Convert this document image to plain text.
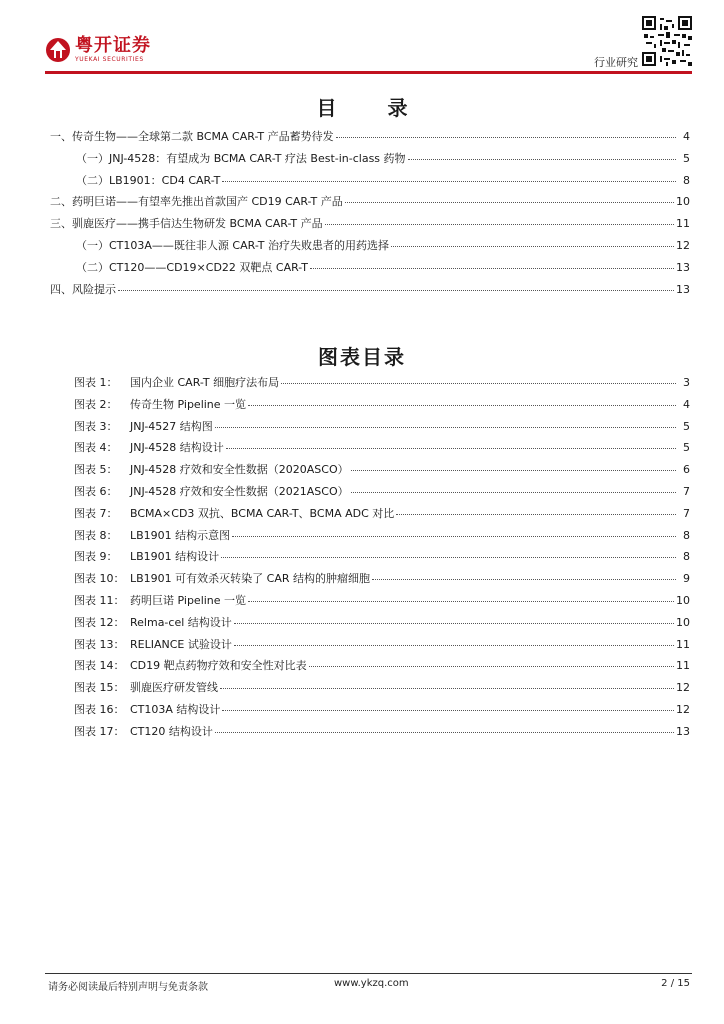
粤开证券
YUEKAI SECURITIES	行业研究
目 录
一、传奇生物——全球第二款 BCMA CAR-T 产品蓄势待发	4
（一）JNJ-4528：有望成为 BCMA CAR-T 疗法 Best-in-class 药物	5
（二）LB1901：CD4 CAR-T	8
二、药明巨诺——有望率先推出首款国产 CD19 CAR-T 产品	10
三、驯鹿医疗——携手信达生物研发 BCMA CAR-T 产品	11
（一）CT103A——既往非人源 CAR-T 治疗失败患者的用药选择	12
（二）CT120——CD19×CD22 双靶点 CAR-T	13
四、风险提示	13
图表目录
图表 1： 国内企业 CAR-T 细胞疗法布局	3
图表 2： 传奇生物 Pipeline 一览	4
图表 3： JNJ-4527 结构图	5
图表 4： JNJ-4528 结构设计	5
图表 5： JNJ-4528 疗效和安全性数据（2020ASCO）	6
图表 6： JNJ-4528 疗效和安全性数据（2021ASCO）	7
图表 7： BCMA×CD3 双抗、BCMA CAR-T、BCMA ADC 对比	7
图表 8： LB1901 结构示意图	8
图表 9： LB1901 结构设计	8
图表 10： LB1901 可有效杀灭转染了 CAR 结构的肿瘤细胞	9
图表 11： 药明巨诺 Pipeline 一览	10
图表 12： Relma-cel 结构设计	10
图表 13： RELIANCE 试验设计	11
图表 14： CD19 靶点药物疗效和安全性对比表	11
图表 15： 驯鹿医疗研发管线	12
图表 16： CT103A 结构设计	12
图表 17： CT120 结构设计	13
请务必阅读最后特别声明与免责条款	www.ykzq.com	2 / 15
